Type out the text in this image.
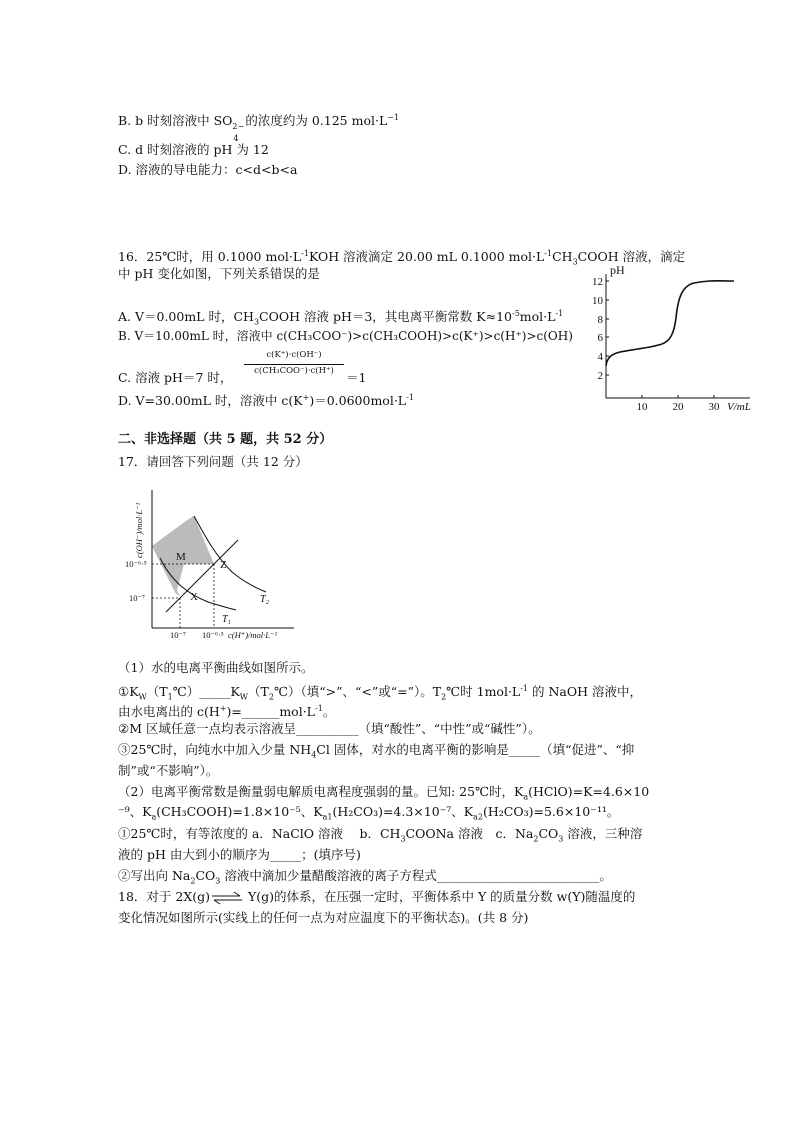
B. b 时刻溶液中 SO 2−
4
的浓度约为 0.125 $mol\cdot L^{-1}$
C. d 时刻溶液的 pH 为 12
D. 溶液的导电能力：c<d<b<a
16．25℃时，用 0.1000 $mol\cdot L^{-1}KOH$ 溶液滴定 20.00 mL 0.1000 $mol\cdot L^{-1}CH_3COOH$ 溶液，滴定
中 pH 变化如图，下列关系错误的是
A. V＝0.00mL 时，$CH_3COOH$ 溶液 pH＝3，其电离平衡常数 $K\approx 10^{-5}mol\cdot L^{-1}$
B. V＝10.00mL 时，溶液中 c(CH₃COO⁻)>c(CH₃COOH)>c(K⁺)>c(H⁺)>c(OH)
C. 溶液 pH＝7 时，
c(K⁺)·c(OH⁻)
c(CH₃COO⁻)·c(H⁺) ＝1
D. V=30.00mL 时，溶液中 $c(K^+)=0.0600mol\cdot L^{-1}$
2
4
6
8
10
12
10 20 30
pH
V/mL
二、非选择题（共 5 题，共 52 分）
17．请回答下列问题（共 12 分）
M
Z
X	T₂
T₁
10⁻⁶·⁵
10⁻⁷
10⁻⁷ 10⁻⁶·⁵ c(H⁺)/mol·L⁻¹
c(OH⁻)/mol·L⁻¹
（1）水的电离平衡曲线如图所示。
$①K_W(T_1℃)\_\_\_\_\_K_W(T_2℃)$（填“>”、“<”或“=”）。$T_2℃$时 $1mol\cdot L^{-1}$ 的 NaOH 溶液中，
由水电离出的 $c(H^+)=\_\_\_\_\_\_mol\cdot L^{-1}$。
②M 区域任意一点均表示溶液呈__________（填“酸性”、“中性”或“碱性”）。
③25℃时，向纯水中加入少量 $NH_4Cl$ 固体，对水的电离平衡的影响是_____（填“促进”、“抑
制”或“不影响”）。
（2）电离平衡常数是衡量弱电解质电离程度强弱的量。已知: 25℃时，$K_a(HClO)=K=4.6\times 10$
⁻⁹、$K_a(CH_3COOH)=1.8\times 10^{-5}$、$K_{a1}(H_2CO_3)=4.3\times 10^{-7}$、$K_{a2}(H_2CO_3)=5.6\times 10^{-11}$。
①25℃时，有等浓度的 a．NaClO 溶液　 b．$CH_3COONa$ 溶液　c．$Na_2CO_3$ 溶液，三种溶
液的 pH 由大到小的顺序为_____；(填序号)
②写出向 $Na_2CO_3$ 溶液中滴加少量醋酸溶液的离子方程式__________________________。
18．对于 2X(g)⇌ Y(g)的体系，在压强一定时，平衡体系中 Y 的质量分数 w(Y)随温度的
变化情况如图所示(实线上的任何一点为对应温度下的平衡状态)。(共 8 分)
